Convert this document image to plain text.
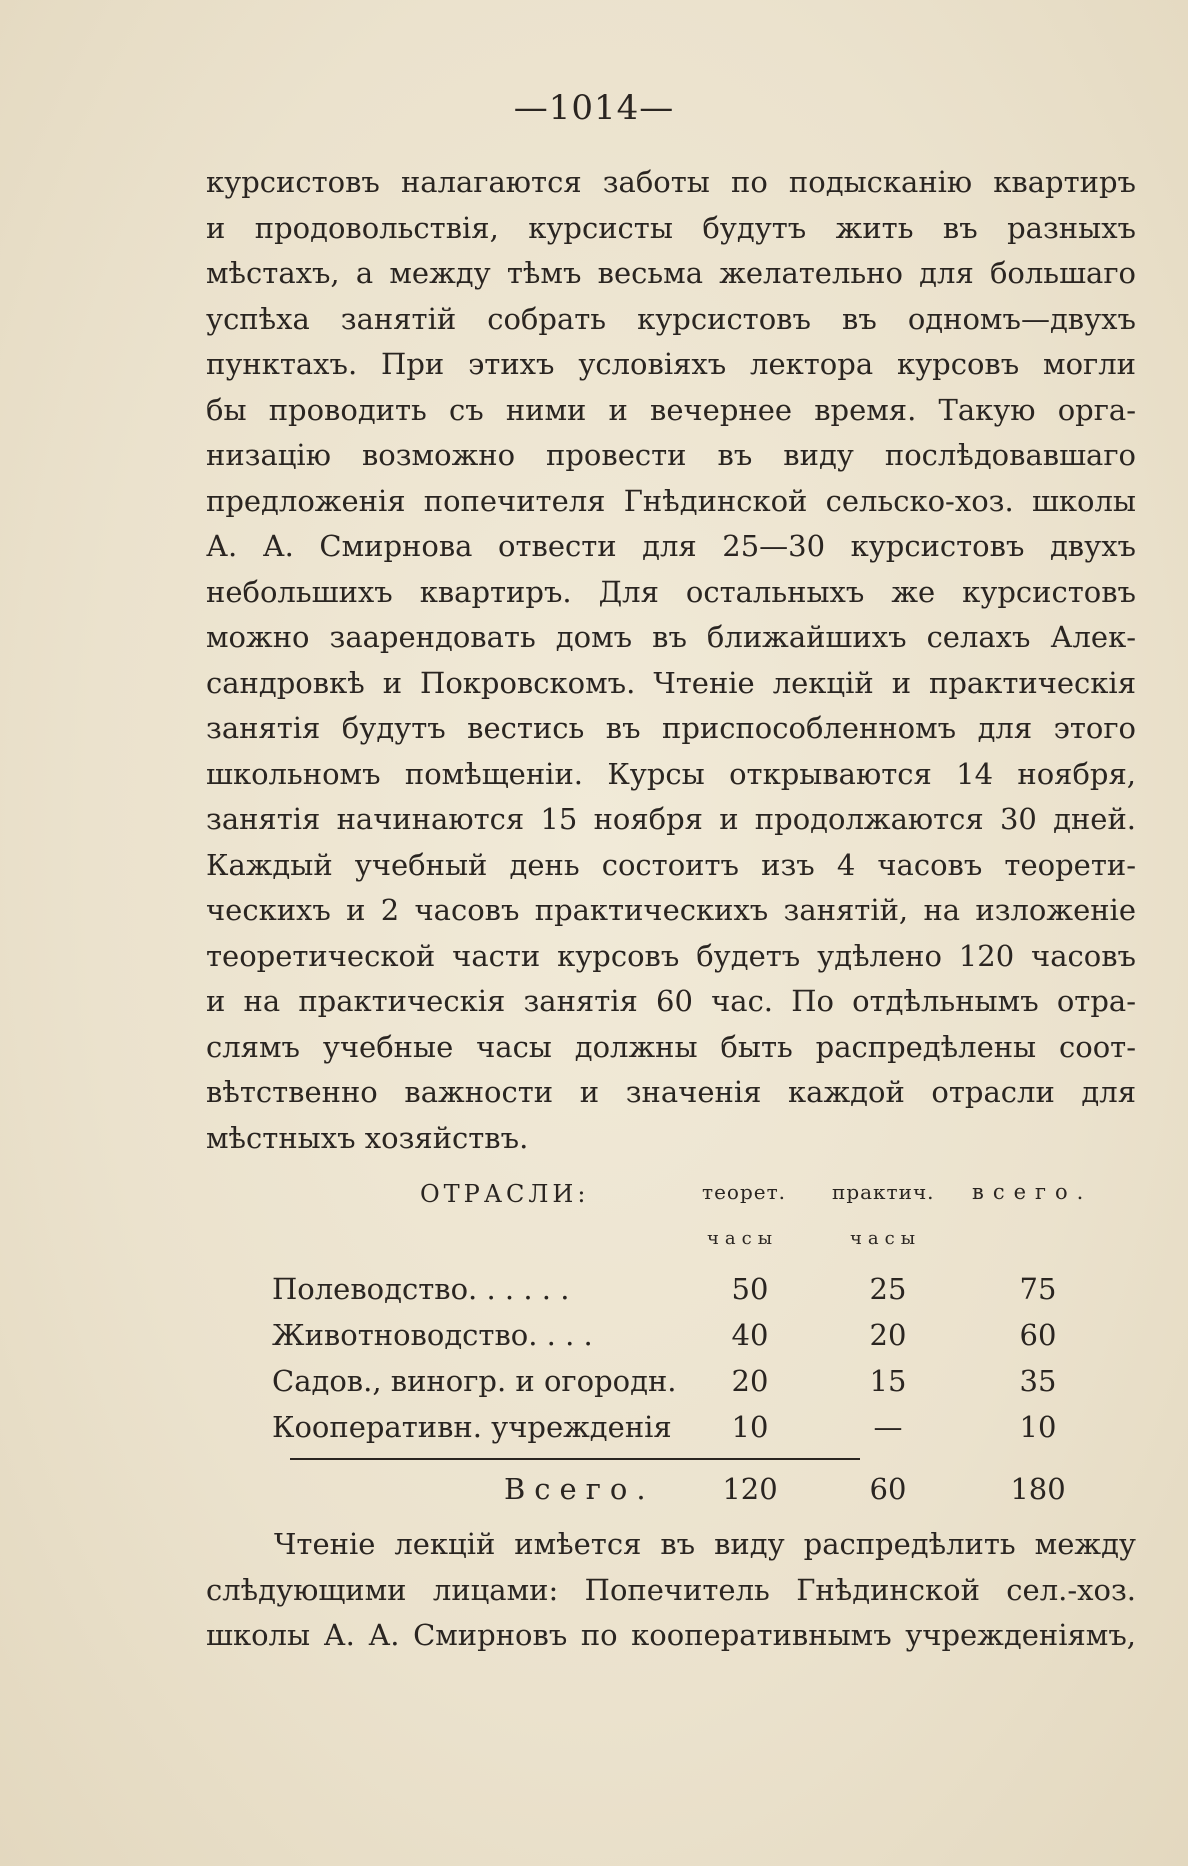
—1014—
курсистовъ налагаются заботы по подысканію квартиръ
и продовольствія, курсисты будутъ жить въ разныхъ
мѣстахъ, а между тѣмъ весьма желательно для большаго
успѣха занятій собрать курсистовъ въ одномъ—двухъ
пунктахъ. При этихъ условіяхъ лектора курсовъ могли
бы проводить съ ними и вечернее время. Такую орга-
низацію возможно провести въ виду послѣдовавшаго
предложенія попечителя Гнѣдинской сельско-хоз. школы
А. А. Смирнова отвести для 25—30 курсистовъ двухъ
небольшихъ квартиръ. Для остальныхъ же курсистовъ
можно заарендовать домъ въ ближайшихъ селахъ Алек-
сандровкѣ и Покровскомъ. Чтеніе лекцій и практическія
занятія будутъ вестись въ приспособленномъ для этого
школьномъ помѣщеніи. Курсы открываются 14 ноября,
занятія начинаются 15 ноября и продолжаются 30 дней.
Каждый учебный день состоитъ изъ 4 часовъ теорети-
ческихъ и 2 часовъ практическихъ занятій, на изложеніе
теоретической части курсовъ будетъ удѣлено 120 часовъ
и на практическія занятія 60 час. По отдѣльнымъ отра-
слямъ учебные часы должны быть распредѣлены соот-
вѣтственно важности и значенія каждой отрасли для
мѣстныхъ хозяйствъ.
ОТРАСЛИ:	теорет. практич. всего.
часы	часы
Полеводство. . . . . .	50	25	75
Животноводство. . . .	40	20	60
Садов., виногр. и огородн.	20	15	35
Кооперативн. учрежденія	10	—	10
Всего.	120	60	180
Чтеніе лекцій имѣется въ виду распредѣлить между
слѣдующими лицами: Попечитель Гнѣдинской сел.-хоз.
школы А. А. Смирновъ по кооперативнымъ учрежденіямъ,
